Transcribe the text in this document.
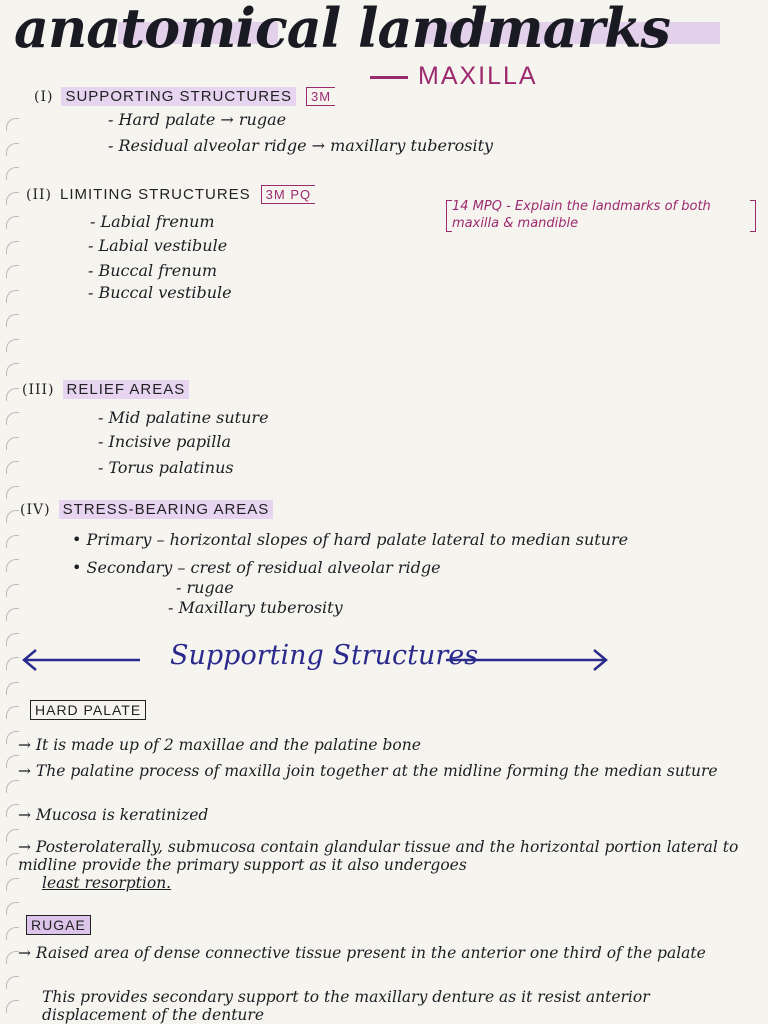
anatomical landmarks
MAXILLA
(I) SUPPORTING STRUCTURES 3M
- Hard palate → rugae
- Residual alveolar ridge → maxillary tuberosity
(II) LIMITING STRUCTURES 3M PQ
14 MPQ - Explain the landmarks of both maxilla & mandible
- Labial frenum
- Labial vestibule
- Buccal frenum
- Buccal vestibule
(III) RELIEF AREAS
- Mid palatine suture
- Incisive papilla
- Torus palatinus
(IV) STRESS-BEARING AREAS
• Primary – horizontal slopes of hard palate lateral to median suture
• Secondary – crest of residual alveolar ridge
- rugae
- Maxillary tuberosity
Supporting Structures
HARD PALATE
→ It is made up of 2 maxillae and the palatine bone
→ The palatine process of maxilla join together at the midline forming the median suture
→ Mucosa is keratinized
→ Posterolaterally, submucosa contain glandular tissue and the horizontal portion lateral to midline provide the primary support as it also undergoes
least resorption.
RUGAE
→ Raised area of dense connective tissue present in the anterior one third of the palate
This provides secondary support to the maxillary denture as it resist anterior displacement of the denture
